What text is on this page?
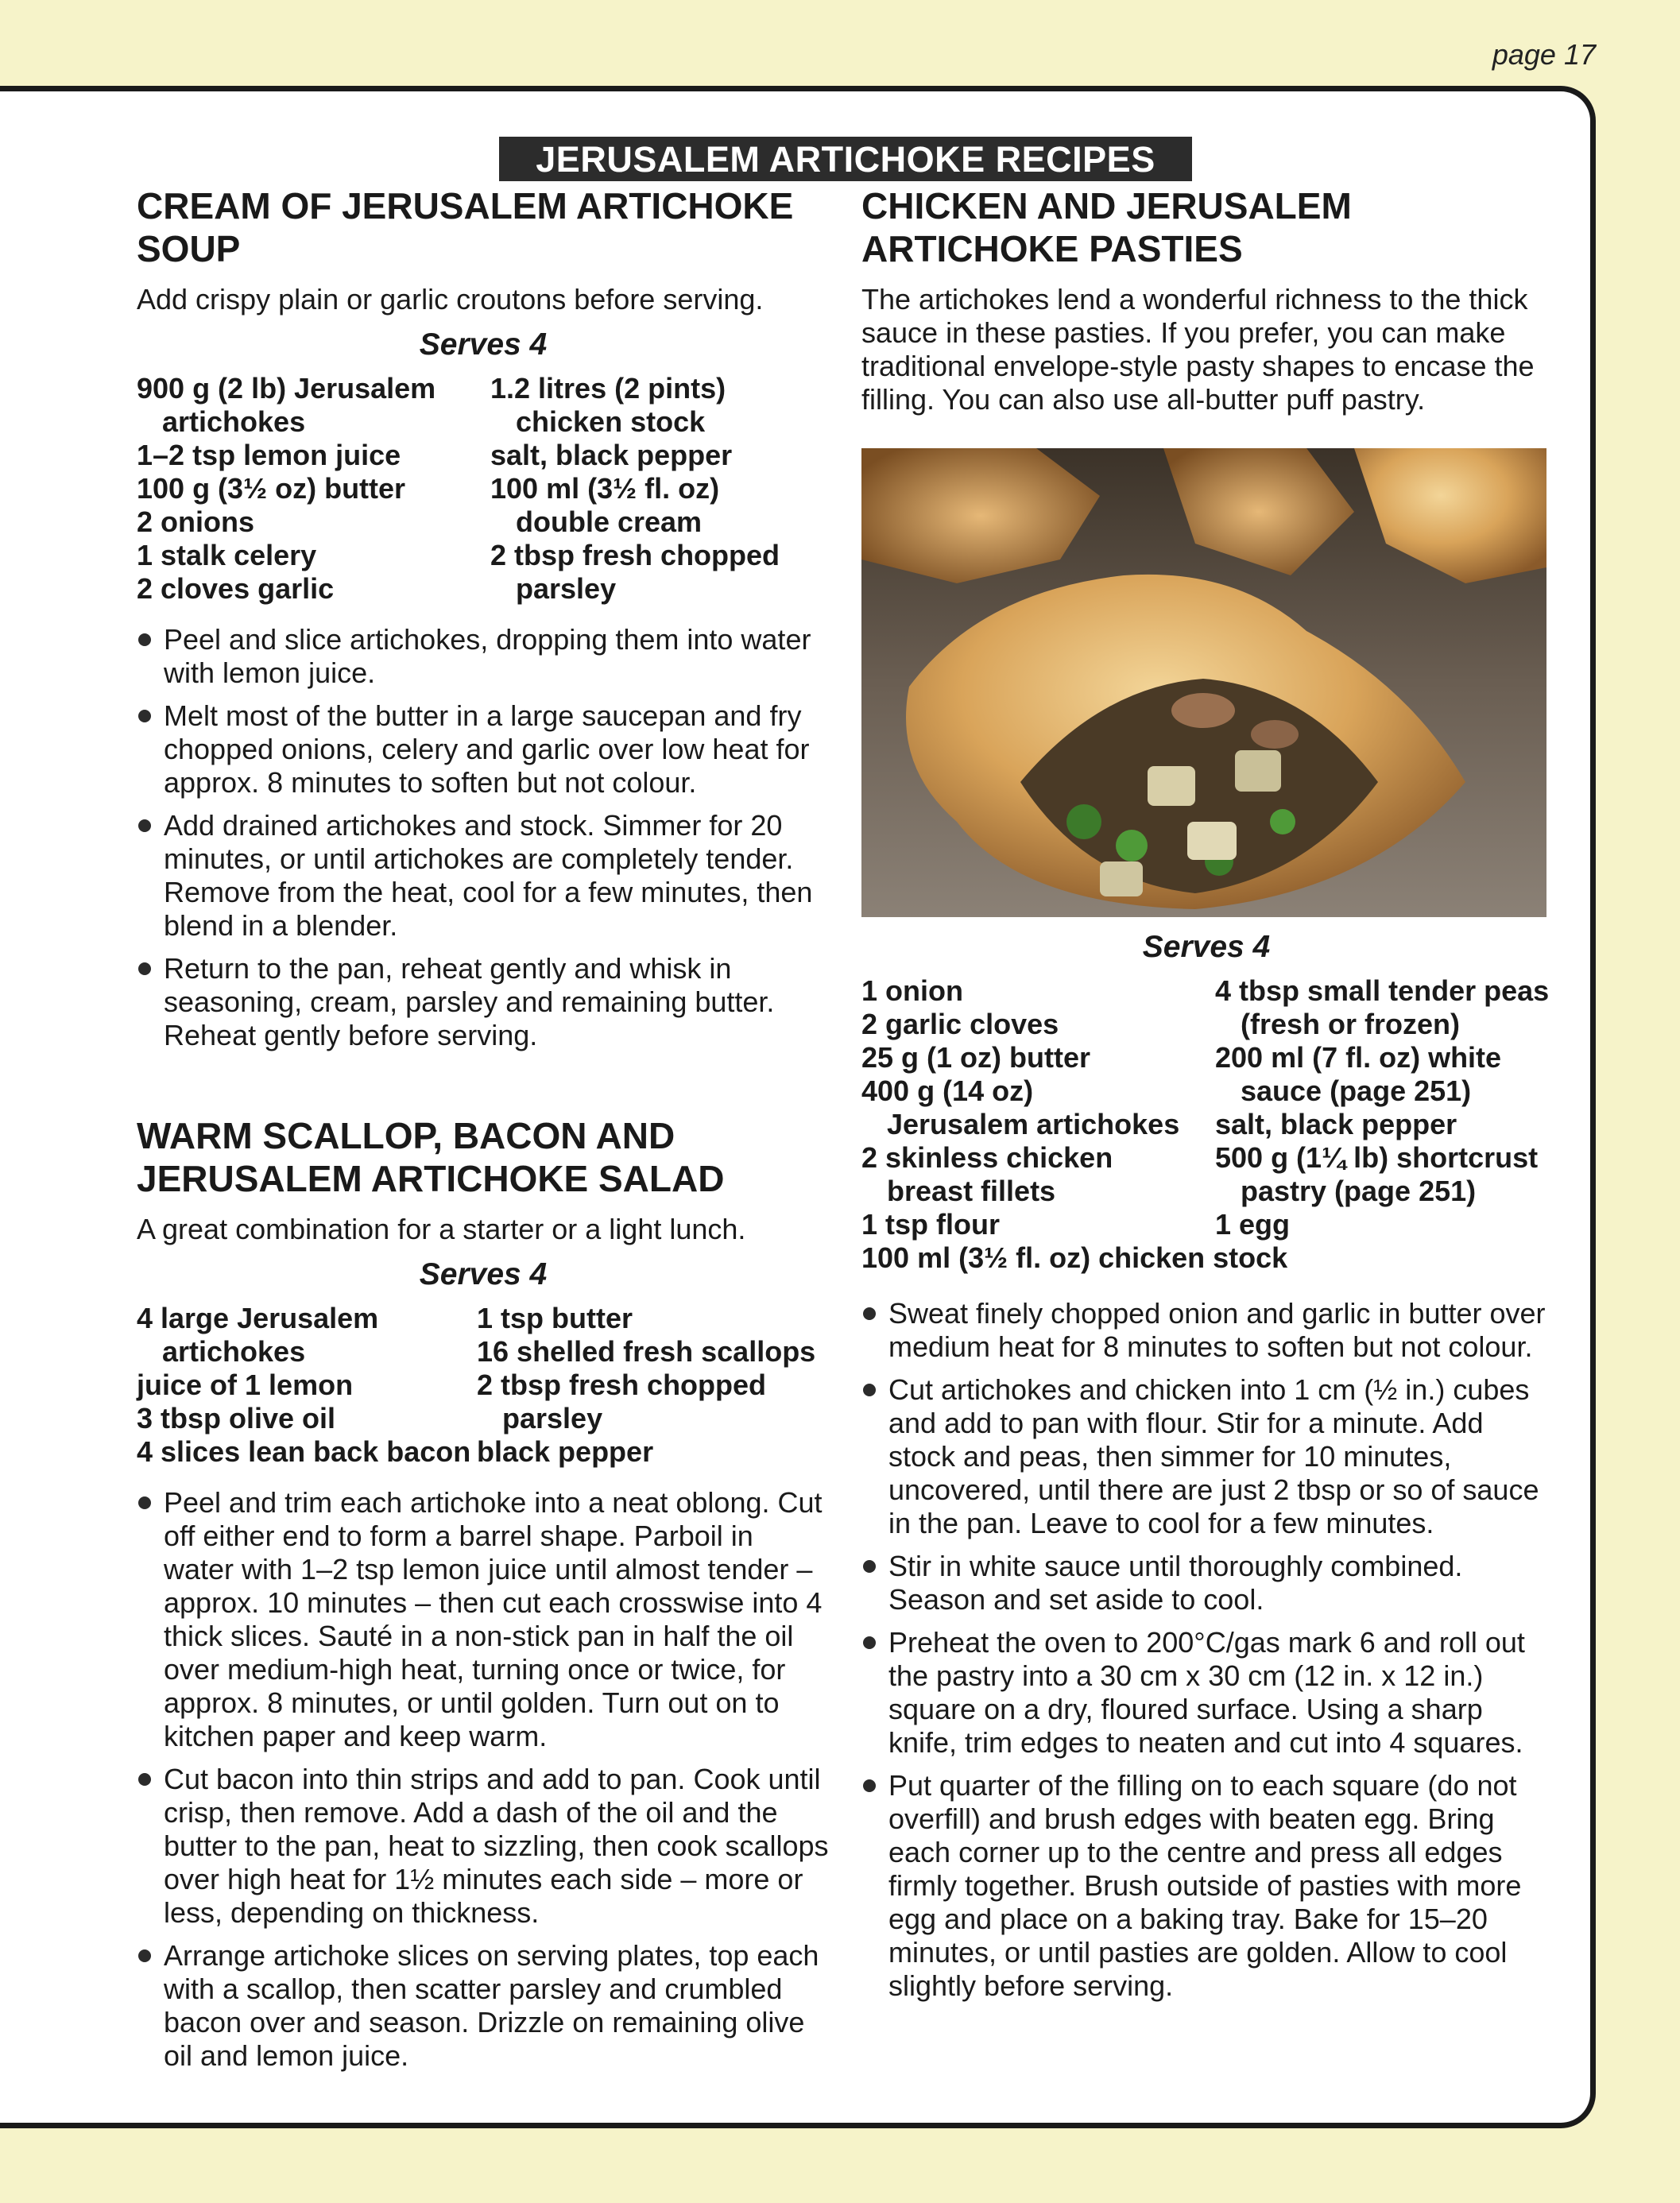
page 17
JERUSALEM ARTICHOKE RECIPES
CREAM OF JERUSALEM ARTICHOKE SOUP

Add crispy plain or garlic croutons before serving.

Serves 4
900 g (2 lb) Jerusalem
artichokes
1–2 tsp lemon juice
100 g (3½ oz) butter
2 onions
1 stalk celery
2 cloves garlic
1.2 litres (2 pints)
chicken stock
salt, black pepper
100 ml (3½ fl. oz)
double cream
2 tbsp fresh chopped
parsley
Peel and slice artichokes, dropping them into water with lemon juice.
Melt most of the butter in a large saucepan and fry chopped onions, celery and garlic over low heat for approx. 8 minutes to soften but not colour.
Add drained artichokes and stock. Simmer for 20 minutes, or until artichokes are completely tender. Remove from the heat, cool for a few minutes, then blend in a blender.
Return to the pan, reheat gently and whisk in seasoning, cream, parsley and remaining butter. Reheat gently before serving.
WARM SCALLOP, BACON AND JERUSALEM ARTICHOKE SALAD

A great combination for a starter or a light lunch.

Serves 4
4 large Jerusalem
artichokes
juice of 1 lemon
3 tbsp olive oil
4 slices lean back bacon
1 tsp butter
16 shelled fresh scallops
2 tbsp fresh chopped
parsley
black pepper
Peel and trim each artichoke into a neat oblong. Cut off either end to form a barrel shape. Parboil in water with 1–2 tsp lemon juice until almost tender – approx. 10 minutes – then cut each crosswise into 4 thick slices. Sauté in a non-stick pan in half the oil over medium-high heat, turning once or twice, for approx. 8 minutes, or until golden. Turn out on to kitchen paper and keep warm.
Cut bacon into thin strips and add to pan. Cook until crisp, then remove. Add a dash of the oil and the butter to the pan, heat to sizzling, then cook scallops over high heat for 1½ minutes each side – more or less, depending on thickness.
Arrange artichoke slices on serving plates, top each with a scallop, then scatter parsley and crumbled bacon over and season. Drizzle on remaining olive oil and lemon juice.
CHICKEN AND JERUSALEM ARTICHOKE PASTIES

The artichokes lend a wonderful richness to the thick sauce in these pasties. If you prefer, you can make traditional envelope-style pasty shapes to encase the filling. You can also use all-butter puff pastry.

Serves 4
1 onion
2 garlic cloves
25 g (1 oz) butter
400 g (14 oz)
Jerusalem artichokes
2 skinless chicken
breast fillets
1 tsp flour
4 tbsp small tender peas
(fresh or frozen)
200 ml (7 fl. oz) white
sauce (page 251)
salt, black pepper
500 g (1¼ lb) shortcrust
pastry (page 251)
1 egg
100 ml (3½ fl. oz) chicken stock
Sweat finely chopped onion and garlic in butter over medium heat for 8 minutes to soften but not colour.
Cut artichokes and chicken into 1 cm (½ in.) cubes and add to pan with flour. Stir for a minute. Add stock and peas, then simmer for 10 minutes, uncovered, until there are just 2 tbsp or so of sauce in the pan. Leave to cool for a few minutes.
Stir in white sauce until thoroughly combined. Season and set aside to cool.
Preheat the oven to 200°C/gas mark 6 and roll out the pastry into a 30 cm x 30 cm (12 in. x 12 in.) square on a dry, floured surface. Using a sharp knife, trim edges to neaten and cut into 4 squares.
Put quarter of the filling on to each square (do not overfill) and brush edges with beaten egg. Bring each corner up to the centre and press all edges firmly together. Brush outside of pasties with more egg and place on a baking tray. Bake for 15–20 minutes, or until pasties are golden. Allow to cool slightly before serving.
